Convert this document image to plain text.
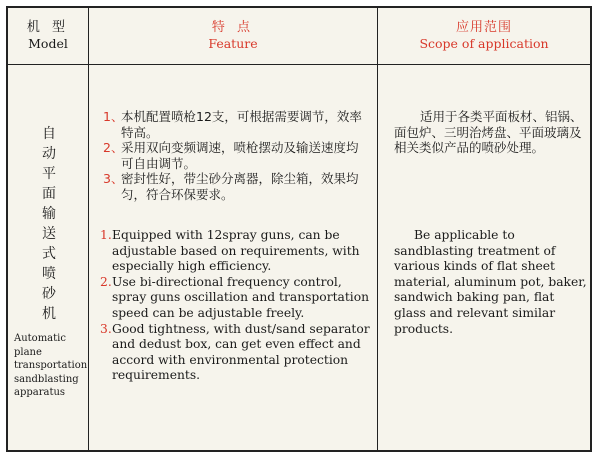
机 型
Model
特 点
Feature
应用范围
Scope of application
自
动
平
面
输
送
式
喷
砂
机
Automatic plane transportation sandblasting apparatus
1、
本机配置喷枪12支，可根据需要调节，效率特高。
2、
采用双向变频调速，喷枪摆动及输送速度均可自由调节。
3、
密封性好，带尘砂分离器，除尘箱，效果均匀，符合环保要求。
1. Equipped with 12spray guns, can be adjustable based on requirements, with especially high efficiency.
2. Use bi-directional frequency control, spray guns oscillation and transportation speed can be adjustable freely.
3. Good tightness, with dust/sand separator and dedust box, can get even effect and accord with environmental protection requirements.

适用于各类平面板材、铝锅、面包炉、三明治烤盘、平面玻璃及相关类似产品的喷砂处理。

Be applicable to sandblasting treatment of various kinds of flat sheet material, aluminum pot, baker, sandwich baking pan, flat glass and relevant similar products.
